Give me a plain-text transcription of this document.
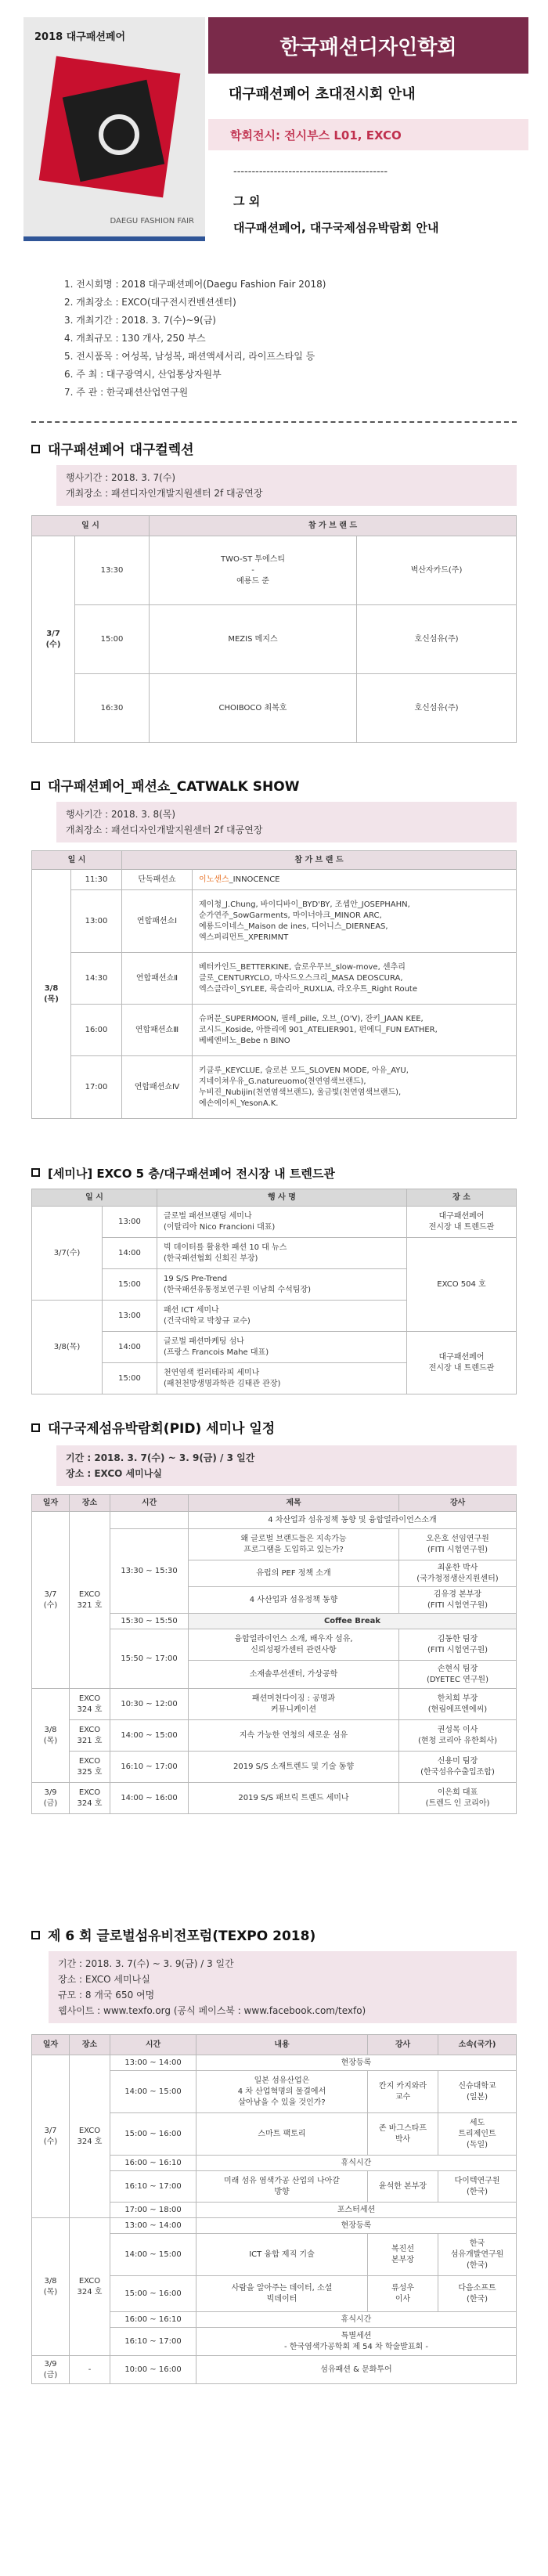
2018 대구패션페어
DAEGU FASHION FAIR
한국패션디자인학회
대구패션페어 초대전시회 안내
학회전시: 전시부스 L01, EXCO
------------------------------------------
그 외
대구패션페어, 대구국제섬유박람회 안내
1. 전시회명 : 2018 대구패션페어(Daegu Fashion Fair 2018)
2. 개최장소 : EXCO(대구전시컨벤션센터)
3. 개최기간 : 2018. 3. 7(수)~9(금)
4. 개최규모 : 130 개사, 250 부스
5. 전시품목 : 여성복, 남성복, 패션액세서리, 라이프스타일 등
6. 주 최 : 대구광역시, 산업통상자원부
7. 주 관 : 한국패션산업연구원
대구패션페어 대구컬렉션
행사기간 : 2018. 3. 7(수)
개최장소 : 패션디자인개발지원센터 2f 대공연장
일 시		참 가 브 랜 드	
3/7
(수)	13:30	TWO-ST 투에스티
-
예룡드 준	벽산자카드(주)
	15:00	MEZIS 메지스	호신섬유(주)
	16:30	CHOIBOCO 최복호	호신섬유(주)
대구패션페어_패션쇼_CATWALK SHOW
행사기간 : 2018. 3. 8(목)
개최장소 : 패션디자인개발지원센터 2f 대공연장
일 시		참 가 브 랜 드	
3/8
(목)	11:30	단독패션쇼	이노센스_INNOCENCE
	13:00	연합패션쇼Ⅰ	제이청_J.Chung, 바이디바이_BYD'BY, 조셉안_JOSEPHAHN,
순가연주_SowGarments, 마이너아크_MINOR ARC,
예룡드이네스_Maison de ines, 디어니스_DIERNEAS,
엑스퍼리먼트_XPERIMNT
	14:30	연합패션쇼Ⅱ	베터카인드_BETTERKINE, 슬로우무브_slow-move, 센추리
클로_CENTURYCLO, 마사드오스크리_MASA DEOSCURA,
엑스클라이_SYLEE, 룩슬리아_RUXLIA, 라오우트_Right Route
	16:00	연합패션쇼Ⅲ	슈퍼문_SUPERMOON, 필레_pille, 오브_(O'V), 잔키_JAAN KEE,
코시드_Koside, 아뜰리에 901_ATELIER901, 펀에디_FUN EATHER,
베베엔비노_Bebe n BINO
	17:00	연합패션쇼Ⅳ	키클루_KEYCLUE, 슬로븐 모드_SLOVEN MODE, 아유_AYU,
지네이쳐우유_G.natureuomo(천연염색브랜드),
누비진_Nubijin(천연염색브랜드), 울금빛(천연염색브랜드),
예손에이씨_YesonA.K.
[세미나] EXCO 5 층/대구패션페어 전시장 내 트렌드관
일 시		행 사 명	장 소
3/7(수)	13:00	글로벌 패션브랜딩 세미나
(이탈리아 Nico Francioni 대표)	대구패션페어
전시장 내 트렌드관
	14:00	빅 데이터를 활용한 패션 10 대 뉴스
(한국패션협회 신희진 부장)	EXCO 504 호
	15:00	19 S/S Pre-Trend
(한국패션유통정보연구원 이남희 수석팀장)	
3/8(목)	13:00	패션 ICT 세미나
(건국대학교 박창규 교수)	
	14:00	글로벌 패션마케팅 섬나
(프랑스 Francois Mahe 대표)	대구패션페어
전시장 내 트렌드관
	15:00	천연염색 컬러테라피 세미나
(패천천방생명과학관 김태관 관장)	
대구국제섬유박람회(PID) 세미나 일정
기간 : 2018. 3. 7(수) ~ 3. 9(금) / 3 일간
장소 : EXCO 세미나실
일자	장소	시간	제목	강사
3/7
(수)	EXCO
321 호		4 차산업과 섬유정책 동향 및 융합얼라이언스소개	
		13:30 ~ 15:30	왜 글로벌 브랜드들은 지속가능
프로그램을 도입하고 있는가?	오은호 선임연구원
(FITI 시험연구원)
			유럽의 PEF 정책 소개	최윤한 박사
(국가청정생산지원센터)
			4 사산업과 섬유정책 동향	김유경 본부장
(FITI 시험연구원)
		15:30 ~ 15:50	Coffee Break	
		15:50 ~ 17:00	융합얼라이언스 소개, 배우자 섬유,
신뢰성평가센터 관련사항	김동한 팀장
(FITI 시험연구원)
			소재솔루션센터, 가상공학	손현식 팀장
(DYETEC 연구원)
3/8
(목)	EXCO
324 호	10:30 ~ 12:00	패션머천다이징 : 공명과
커뮤니케이션	한치희 부장
(현림에프엔에씨)
	EXCO
321 호	14:00 ~ 15:00	지속 가능한 연청의 새로운 섬유	권성목 이사
(현청 코리아 유한회사)
	EXCO
325 호	16:10 ~ 17:00	2019 S/S 소재트렌드 및 기술 동향	신용미 팀장
(한국섬유수출입조합)
3/9
(금)	EXCO
324 호	14:00 ~ 16:00	2019 S/S 패브릭 트렌드 세미나	이은희 대표
(트렌드 인 코리아)
제 6 회 글로벌섬유비전포럼(TEXPO 2018)
기간 : 2018. 3. 7(수) ~ 3. 9(금) / 3 일간
장소 : EXCO 세미나실
규모 : 8 개국 650 여명
웹사이트 : www.texfo.org (공식 페이스북 : www.facebook.com/texfo)
일자	장소	시간	내용	강사	소속(국가)
3/7
(수)	EXCO
324 호	13:00 ~ 14:00	현장등록		
		14:00 ~ 15:00	일본 섬유산업은
4 차 산업혁명의 물결에서
살아남을 수 있을 것인가?	칸지 카지와라
교수	신슈대학교
(일본)
		15:00 ~ 16:00	스마트 팩토리	존 바그스타프
박사	세도
트리제인트
(독일)
		16:00 ~ 16:10	휴식시간		
		16:10 ~ 17:00	미래 섬유 염색가공 산업의 나아갈
방향	윤석한 본부장	다이텍연구원
(한국)
		17:00 ~ 18:00	포스터세션		
3/8
(목)	EXCO
324 호	13:00 ~ 14:00	현장등록		
		14:00 ~ 15:00	ICT 융합 제직 기술	복진선
본부장	한국
섬유개발연구원
(한국)
		15:00 ~ 16:00	사람을 알아주는 데이터, 소셜
빅데이터	류성우
이사	다음소프트
(한국)
		16:00 ~ 16:10	휴식시간		
		16:10 ~ 17:00	특별세션
- 한국염색가공학회 제 54 차 학술발표회 -		
3/9
(금)	-	10:00 ~ 16:00	섬유패션 & 문화투어		
